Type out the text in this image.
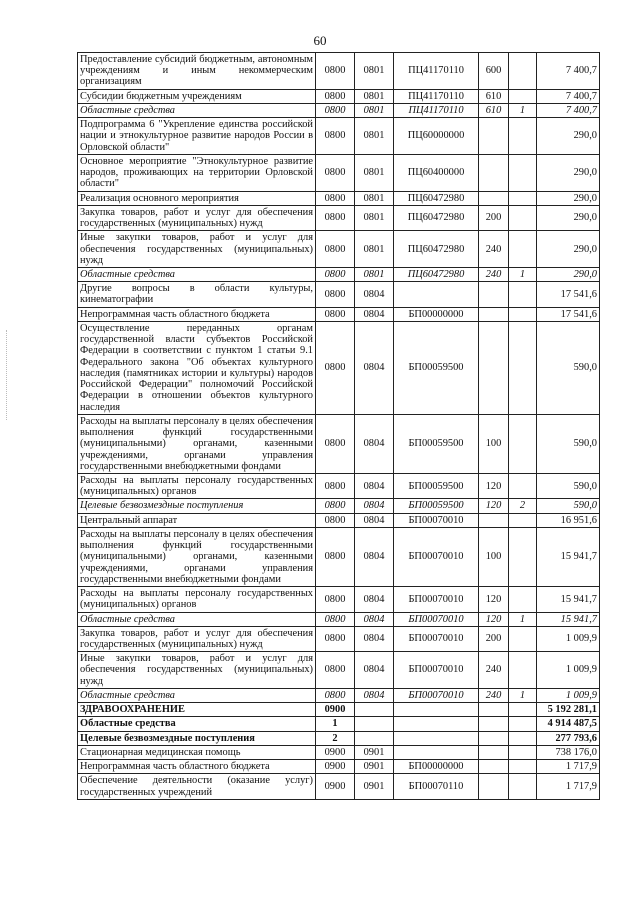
60
Предоставление субсидий бюджетным, автономным учреждениям и иным некоммерческим организациям	0800	0801	ПЦ41170110	600		7 400,7
Субсидии бюджетным учреждениям	0800	0801	ПЦ41170110	610		7 400,7
Областные средства	0800	0801	ПЦ41170110	610	1	7 400,7
Подпрограмма 6 "Укрепление единства российской нации и этнокультурное развитие народов России в Орловской области"	0800	0801	ПЦ60000000			290,0
Основное мероприятие "Этнокультурное развитие народов, проживающих на территории Орловской области"	0800	0801	ПЦ60400000			290,0
Реализация основного мероприятия	0800	0801	ПЦ60472980			290,0
Закупка товаров, работ и услуг для обеспечения государственных (муниципальных) нужд	0800	0801	ПЦ60472980	200		290,0
Иные закупки товаров, работ и услуг для обеспечения государственных (муниципальных) нужд	0800	0801	ПЦ60472980	240		290,0
Областные средства	0800	0801	ПЦ60472980	240	1	290,0
Другие вопросы в области культуры, кинематографии	0800	0804				17 541,6
Непрограммная часть областного бюджета	0800	0804	БП00000000			17 541,6
Осуществление переданных органам государственной власти субъектов Российской Федерации в соответствии с пунктом 1 статьи 9.1 Федерального закона "Об объектах культурного наследия (памятниках истории и культуры) народов Российской Федерации" полномочий Российской Федерации в отношении объектов культурного наследия	0800	0804	БП00059500			590,0
Расходы на выплаты персоналу в целях обеспечения выполнения функций государственными (муниципальными) органами, казенными учреждениями, органами управления государственными внебюджетными фондами	0800	0804	БП00059500	100		590,0
Расходы на выплаты персоналу государственных (муниципальных) органов	0800	0804	БП00059500	120		590,0
Целевые безвозмездные поступления	0800	0804	БП00059500	120	2	590,0
Центральный аппарат	0800	0804	БП00070010			16 951,6
Расходы на выплаты персоналу в целях обеспечения выполнения функций государственными (муниципальными) органами, казенными учреждениями, органами управления государственными внебюджетными фондами	0800	0804	БП00070010	100		15 941,7
Расходы на выплаты персоналу государственных (муниципальных) органов	0800	0804	БП00070010	120		15 941,7
Областные средства	0800	0804	БП00070010	120	1	15 941,7
Закупка товаров, работ и услуг для обеспечения государственных (муниципальных) нужд	0800	0804	БП00070010	200		1 009,9
Иные закупки товаров, работ и услуг для обеспечения государственных (муниципальных) нужд	0800	0804	БП00070010	240		1 009,9
Областные средства	0800	0804	БП00070010	240	1	1 009,9
ЗДРАВООХРАНЕНИЕ	0900					5 192 281,1
Областные средства	1					4 914 487,5
Целевые безвозмездные поступления	2					277 793,6
Стационарная медицинская помощь	0900	0901				738 176,0
Непрограммная часть областного бюджета	0900	0901	БП00000000			1 717,9
Обеспечение деятельности (оказание услуг) государственных учреждений	0900	0901	БП00070110			1 717,9
